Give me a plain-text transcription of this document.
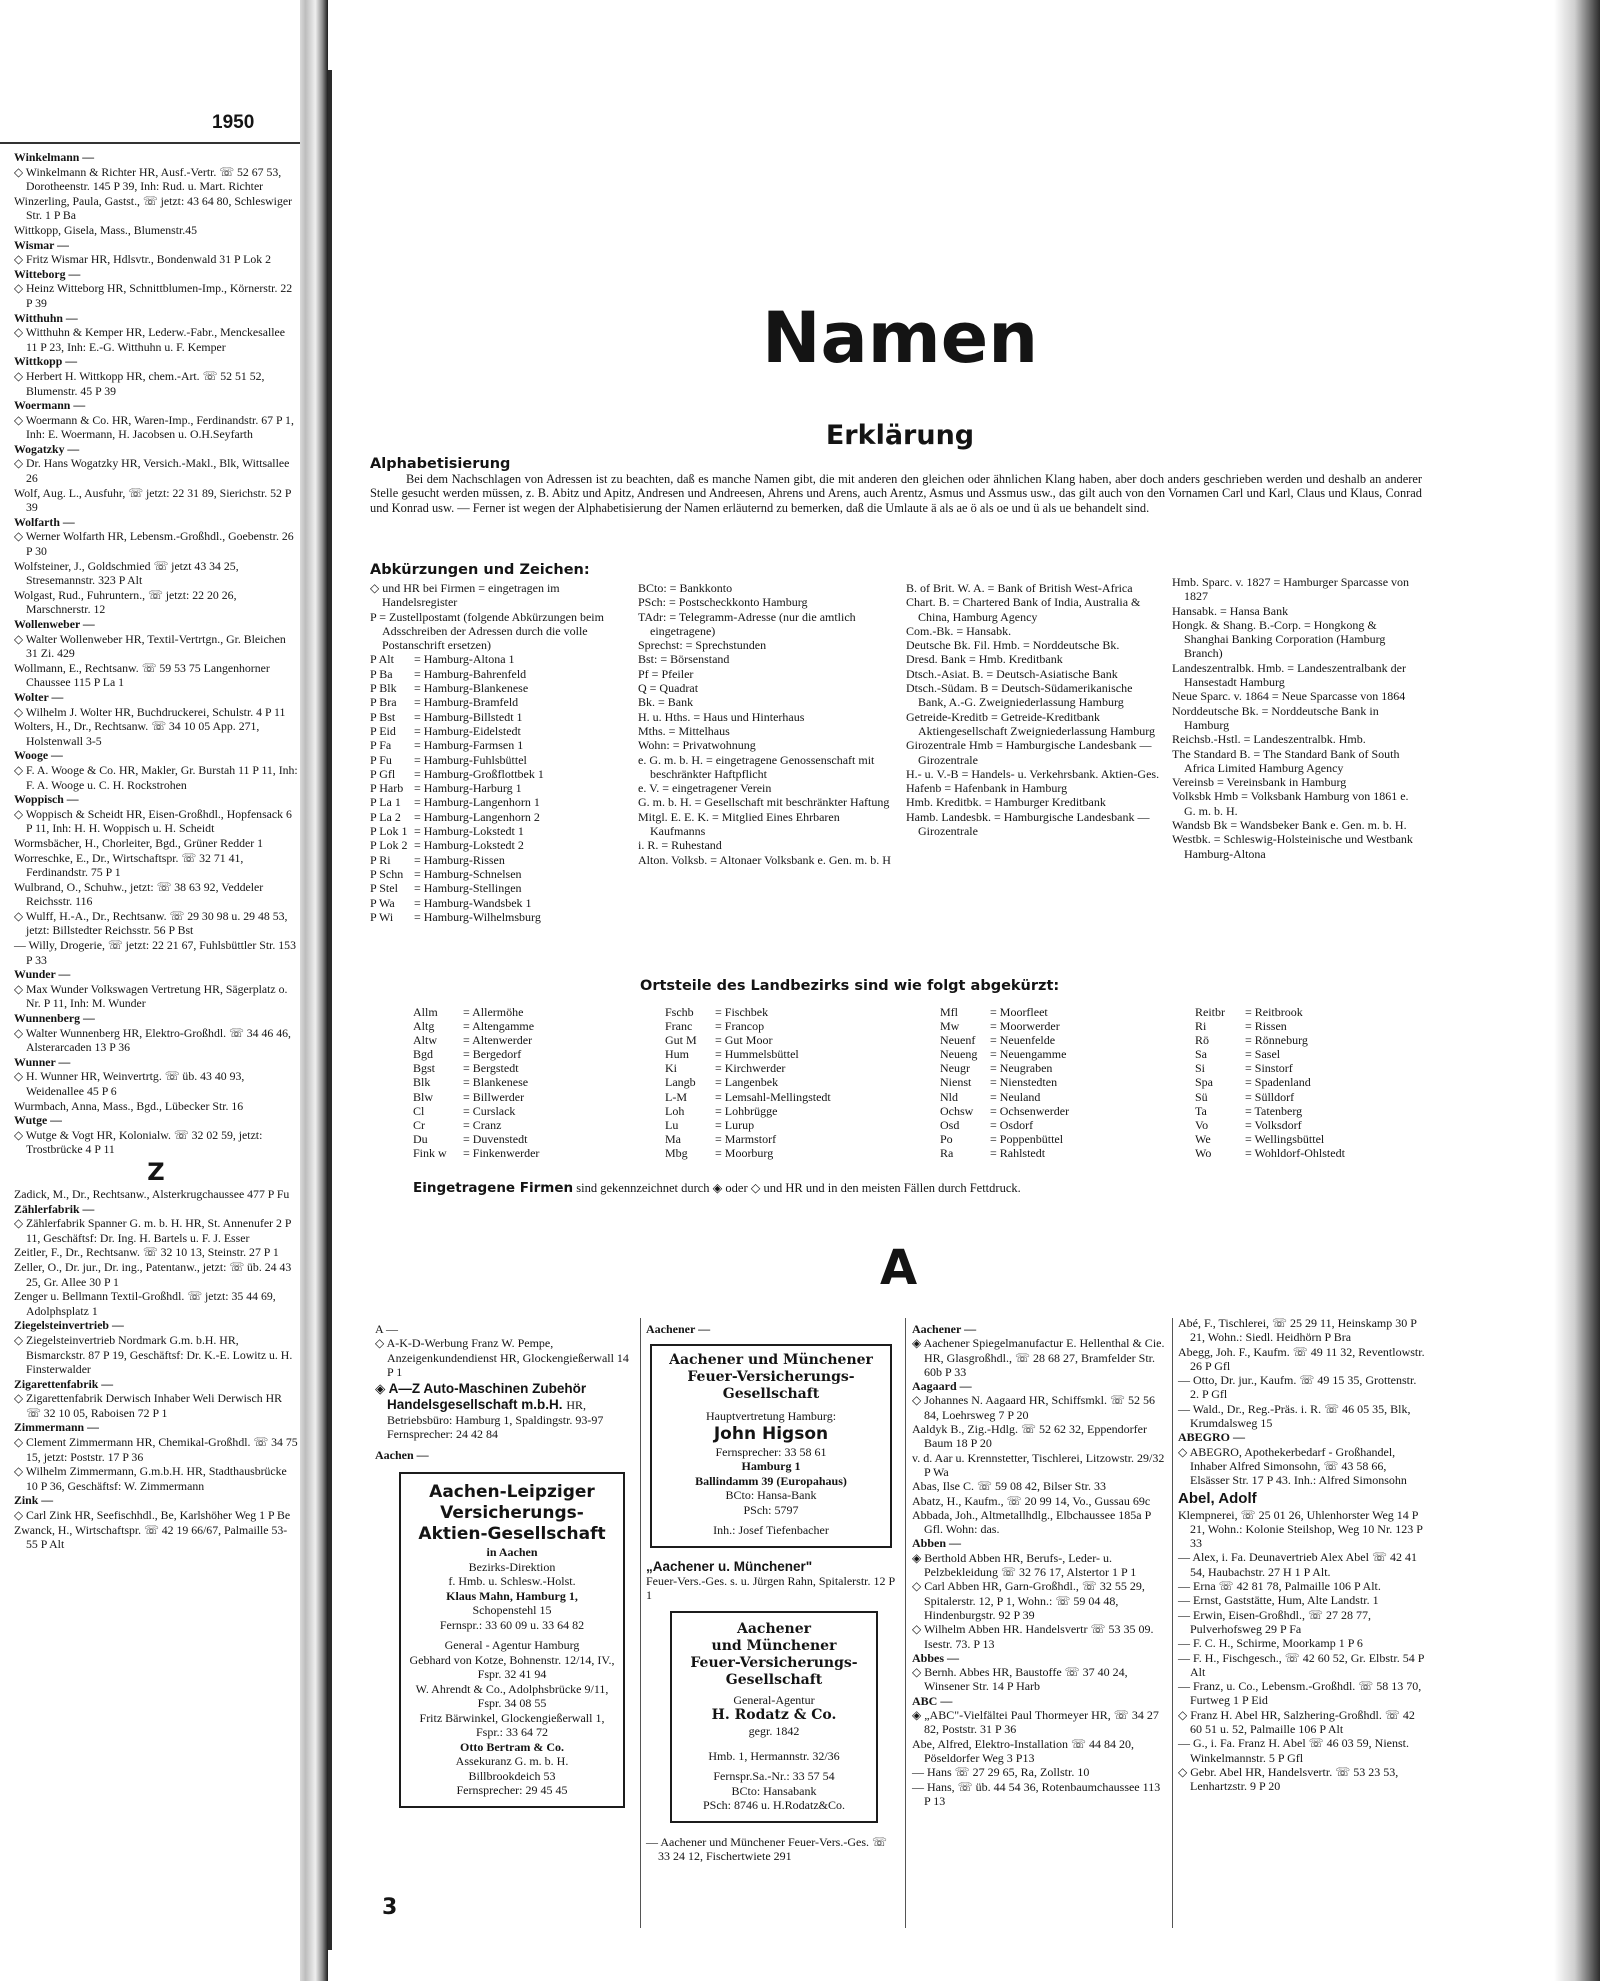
1950
Winkelmann —
◇ Winkelmann & Richter HR, Ausf.-Vertr. ☏ 52 67 53, Dorotheenstr. 145 P 39, Inh: Rud. u. Mart. Richter
Winzerling, Paula, Gastst., ☏ jetzt: 43 64 80, Schleswiger Str. 1 P Ba
Wittkopp, Gisela, Mass., Blumenstr.45
Wismar —
◇ Fritz Wismar HR, Hdlsvtr., Bondenwald 31 P Lok 2
Witteborg —
◇ Heinz Witteborg HR, Schnittblumen-Imp., Körnerstr. 22 P 39
Witthuhn —
◇ Witthuhn & Kemper HR, Lederw.-Fabr., Menckesallee 11 P 23, Inh: E.-G. Witthuhn u. F. Kemper
Wittkopp —
◇ Herbert H. Wittkopp HR, chem.-Art. ☏ 52 51 52, Blumenstr. 45 P 39
Woermann —
◇ Woermann & Co. HR, Waren-Imp., Ferdinandstr. 67 P 1, Inh: E. Woermann, H. Jacobsen u. O.H.Seyfarth
Wogatzky —
◇ Dr. Hans Wogatzky HR, Versich.-Makl., Blk, Wittsallee 26
Wolf, Aug. L., Ausfuhr, ☏ jetzt: 22 31 89, Sierichstr. 52 P 39
Wolfarth —
◇ Werner Wolfarth HR, Lebensm.-Großhdl., Goebenstr. 26 P 30
Wolfsteiner, J., Goldschmied ☏ jetzt 43 34 25, Stresemannstr. 323 P Alt
Wolgast, Rud., Fuhruntern., ☏ jetzt: 22 20 26, Marschnerstr. 12
Wollenweber —
◇ Walter Wollenweber HR, Textil-Vertrtgn., Gr. Bleichen 31 Zi. 429
Wollmann, E., Rechtsanw. ☏ 59 53 75 Langenhorner Chaussee 115 P La 1
Wolter —
◇ Wilhelm J. Wolter HR, Buchdruckerei, Schulstr. 4 P 11
Wolters, H., Dr., Rechtsanw. ☏ 34 10 05 App. 271, Holstenwall 3-5
Wooge —
◇ F. A. Wooge & Co. HR, Makler, Gr. Burstah 11 P 11, Inh: F. A. Wooge u. C. H. Rockstrohen
Woppisch —
◇ Woppisch & Scheidt HR, Eisen-Großhdl., Hopfensack 6 P 11, Inh: H. H. Woppisch u. H. Scheidt
Wormsbächer, H., Chorleiter, Bgd., Grüner Redder 1
Worreschke, E., Dr., Wirtschaftspr. ☏ 32 71 41, Ferdinandstr. 75 P 1
Wulbrand, O., Schuhw., jetzt: ☏ 38 63 92, Veddeler Reichsstr. 116
◇ Wulff, H.-A., Dr., Rechtsanw. ☏ 29 30 98 u. 29 48 53, jetzt: Billstedter Reichsstr. 56 P Bst
— Willy, Drogerie, ☏ jetzt: 22 21 67, Fuhlsbüttler Str. 153 P 33
Wunder —
◇ Max Wunder Volkswagen Vertretung HR, Sägerplatz o. Nr. P 11, Inh: M. Wunder
Wunnenberg —
◇ Walter Wunnenberg HR, Elektro-Großhdl. ☏ 34 46 46, Alsterarcaden 13 P 36
Wunner —
◇ H. Wunner HR, Weinvertrtg. ☏ üb. 43 40 93, Weidenallee 45 P 6
Wurmbach, Anna, Mass., Bgd., Lübecker Str. 16
Wutge —
◇ Wutge & Vogt HR, Kolonialw. ☏ 32 02 59, jetzt: Trostbrücke 4 P 11
Z
Zadick, M., Dr., Rechtsanw., Alsterkrugchaussee 477 P Fu
Zählerfabrik —
◇ Zählerfabrik Spanner G. m. b. H. HR, St. Annenufer 2 P 11, Geschäftsf: Dr. Ing. H. Bartels u. F. J. Esser
Zeitler, F., Dr., Rechtsanw. ☏ 32 10 13, Steinstr. 27 P 1
Zeller, O., Dr. jur., Dr. ing., Patentanw., jetzt: ☏ üb. 24 43 25, Gr. Allee 30 P 1
Zenger u. Bellmann Textil-Großhdl. ☏ jetzt: 35 44 69, Adolphsplatz 1
Ziegelsteinvertrieb —
◇ Ziegelsteinvertrieb Nordmark G.m. b.H. HR, Bismarckstr. 87 P 19, Geschäftsf: Dr. K.-E. Lowitz u. H. Finsterwalder
Zigarettenfabrik —
◇ Zigarettenfabrik Derwisch Inhaber Weli Derwisch HR ☏ 32 10 05, Raboisen 72 P 1
Zimmermann —
◇ Clement Zimmermann HR, Chemikal-Großhdl. ☏ 34 75 15, jetzt: Poststr. 17 P 36
◇ Wilhelm Zimmermann, G.m.b.H. HR, Stadthausbrücke 10 P 36, Geschäftsf: W. Zimmermann
Zink —
◇ Carl Zink HR, Seefischhdl., Be, Karlshöher Weg 1 P Be
Zwanck, H., Wirtschaftspr. ☏ 42 19 66/67, Palmaille 53-55 P Alt
Namen
Erklärung
Alphabetisierung
Bei dem Nachschlagen von Adressen ist zu beachten, daß es manche Namen gibt, die mit anderen den gleichen oder ähnlichen Klang haben, aber doch anders geschrieben werden und deshalb an anderer Stelle gesucht werden müssen, z. B. Abitz und Apitz, Andresen und Andreesen, Ahrens und Arens, auch Arentz, Asmus und Assmus usw., das gilt auch von den Vornamen Carl und Karl, Claus und Klaus, Conrad und Konrad usw. — Ferner ist wegen der Alphabetisierung der Namen erläuternd zu bemerken, daß die Umlaute ä als ae ö als oe und ü als ue behandelt sind.
Abkürzungen und Zeichen:
◇ und HR bei Firmen = eingetragen im Handelsregister
P = Zustellpostamt (folgende Abkürzungen beim Adsschreiben der Adressen durch die volle Postanschrift ersetzen)
P Alt	= Hamburg-Altona 1
P Ba	= Hamburg-Bahrenfeld
P Blk	= Hamburg-Blankenese
P Bra	= Hamburg-Bramfeld
P Bst	= Hamburg-Billstedt 1
P Eid	= Hamburg-Eidelstedt
P Fa	= Hamburg-Farmsen 1
P Fu	= Hamburg-Fuhlsbüttel
P Gfl	= Hamburg-Großflottbek 1
P Harb = Hamburg-Harburg 1
P La 1	= Hamburg-Langenhorn 1
P La 2	= Hamburg-Langenhorn 2
P Lok 1 = Hamburg-Lokstedt 1
P Lok 2 = Hamburg-Lokstedt 2
P Ri	= Hamburg-Rissen
P Schn = Hamburg-Schnelsen
P Stel	= Hamburg-Stellingen
P Wa	= Hamburg-Wandsbek 1
P Wi	= Hamburg-Wilhelmsburg
BCto: = Bankkonto
PSch: = Postscheckkonto Hamburg
TAdr: = Telegramm-Adresse (nur die amtlich eingetragene)
Sprechst: = Sprechstunden
Bst: = Börsenstand
Pf = Pfeiler
Q = Quadrat
Bk. = Bank
H. u. Hths. = Haus und Hinterhaus
Mths. = Mittelhaus
Wohn: = Privatwohnung
e. G. m. b. H. = eingetragene Genossenschaft mit beschränkter Haftpflicht
e. V. = eingetragener Verein
G. m. b. H. = Gesellschaft mit beschränkter Haftung
Mitgl. E. E. K. = Mitglied Eines Ehrbaren Kaufmanns
i. R. = Ruhestand
Alton. Volksb. = Altonaer Volksbank e. Gen. m. b. H
B. of Brit. W. A. = Bank of British West-Africa
Chart. B. = Chartered Bank of India, Australia & China, Hamburg Agency
Com.-Bk. = Hansabk.
Deutsche Bk. Fil. Hmb. = Norddeutsche Bk.
Dresd. Bank = Hmb. Kreditbank
Dtsch.-Asiat. B. = Deutsch-Asiatische Bank
Dtsch.-Südam. B = Deutsch-Südamerikanische Bank, A.-G. Zweigniederlassung Hamburg
Getreide-Kreditb = Getreide-Kreditbank Aktiengesellschaft Zweigniederlassung Hamburg
Girozentrale Hmb = Hamburgische Landesbank — Girozentrale
H.- u. V.-B = Handels- u. Verkehrsbank. Aktien-Ges.
Hafenb = Hafenbank in Hamburg
Hmb. Kreditbk. = Hamburger Kreditbank
Hamb. Landesbk. = Hamburgische Landesbank — Girozentrale
Hmb. Sparc. v. 1827 = Hamburger Sparcasse von 1827
Hansabk. = Hansa Bank
Hongk. & Shang. B.-Corp. = Hongkong & Shanghai Banking Corporation (Hamburg Branch)
Landeszentralbk. Hmb. = Landeszentralbank der Hansestadt Hamburg
Neue Sparc. v. 1864 = Neue Sparcasse von 1864
Norddeutsche Bk. = Norddeutsche Bank in Hamburg
Reichsb.-Hstl. = Landeszentralbk. Hmb.
The Standard B. = The Standard Bank of South Africa Limited Hamburg Agency
Vereinsb = Vereinsbank in Hamburg
Volksbk Hmb = Volksbank Hamburg von 1861 e. G. m. b. H.
Wandsb Bk = Wandsbeker Bank e. Gen. m. b. H.
Westbk. = Schleswig-Holsteinische und Westbank Hamburg-Altona
Ortsteile des Landbezirks sind wie folgt abgekürzt:
Allm	= Allermöhe
Altg	= Altengamme
Altw	= Altenwerder
Bgd	= Bergedorf
Bgst	= Bergstedt
Blk	= Blankenese
Blw	= Billwerder
Cl	= Curslack
Cr	= Cranz
Du	= Duvenstedt
Fink w	= Finkenwerder
Fschb	= Fischbek
Franc	= Francop
Gut M	= Gut Moor
Hum	= Hummelsbüttel
Ki	= Kirchwerder
Langb	= Langenbek
L-M	= Lemsahl-Mellingstedt
Loh	= Lohbrügge
Lu	= Lurup
Ma	= Marmstorf
Mbg	= Moorburg
Mfl	= Moorfleet
Mw	= Moorwerder
Neuenf	= Neuenfelde
Neueng	= Neuengamme
Neugr	= Neugraben
Nienst	= Nienstedten
Nld	= Neuland
Ochsw	= Ochsenwerder
Osd	= Osdorf
Po	= Poppenbüttel
Ra	= Rahlstedt
Reitbr	= Reitbrook
Ri	= Rissen
Rö	= Rönneburg
Sa	= Sasel
Si	= Sinstorf
Spa	= Spadenland
Sü	= Sülldorf
Ta	= Tatenberg
Vo	= Volksdorf
We	= Wellingsbüttel
Wo	= Wohldorf-Ohlstedt
Eingetragene Firmen sind gekennzeichnet durch ◈ oder ◇ und HR und in den meisten Fällen durch Fettdruck.
A
A —
◇ A-K-D-Werbung Franz W. Pempe, Anzeigenkundendienst HR, Glockengießerwall 14 P 1
◈ A—Z Auto-Maschinen Zubehör Handelsgesellschaft m.b.H. HR,
Betriebsbüro: Hamburg 1, Spaldingstr. 93-97 Fernsprecher: 24 42 84
Aachen —
Aachen-Leipziger
Versicherungs-
Aktien-Gesellschaft
in Aachen
Bezirks-Direktion
f. Hmb. u. Schlesw.-Holst.
Klaus Mahn, Hamburg 1,
Schopenstehl 15
Fernspr.: 33 60 09 u. 33 64 82
General - Agentur Hamburg
Gebhard von Kotze, Bohnenstr. 12/14, IV., Fspr. 32 41 94
W. Ahrendt & Co., Adolphsbrücke 9/11, Fspr. 34 08 55
Fritz Bärwinkel, Glockengießerwall 1, Fspr.: 33 64 72
Otto Bertram & Co.
Assekuranz G. m. b. H.
Billbrookdeich 53
Fernsprecher: 29 45 45
Aachener —
Aachener und Münchener
Feuer-Versicherungs-
Gesellschaft
Hauptvertretung Hamburg:
John Higson
Fernsprecher: 33 58 61
Hamburg 1
Ballindamm 39 (Europahaus)
BCto: Hansa-Bank
PSch: 5797
Inh.: Josef Tiefenbacher
„Aachener u. Münchener"
Feuer-Vers.-Ges. s. u. Jürgen Rahn, Spitalerstr. 12 P 1
Aachener
und Münchener
Feuer-Versicherungs-
Gesellschaft
General-Agentur
H. Rodatz & Co.
gegr. 1842
Hmb. 1, Hermannstr. 32/36
Fernspr.Sa.-Nr.: 33 57 54
BCto: Hansabank
PSch: 8746 u. H.Rodatz&Co.
— Aachener und Münchener Feuer-Vers.-Ges. ☏ 33 24 12, Fischertwiete 291
Aachener —
◈ Aachener Spiegelmanufactur E. Hellenthal & Cie. HR, Glasgroßhdl., ☏ 28 68 27, Bramfelder Str. 60b P 33
Aagaard —
◇ Johannes N. Aagaard HR, Schiffsmkl. ☏ 52 56 84, Loehrsweg 7 P 20
Aaldyk B., Zig.-Hdlg. ☏ 52 62 32, Eppendorfer Baum 18 P 20
v. d. Aar u. Krennstetter, Tischlerei, Litzowstr. 29/32 P Wa
Abas, Ilse C. ☏ 59 08 42, Bilser Str. 33
Abatz, H., Kaufm., ☏ 20 99 14, Vo., Gussau 69c
Abbada, Joh., Altmetallhdlg., Elbchaussee 185a P Gfl. Wohn: das.
Abben —
◈ Berthold Abben HR, Berufs-, Leder- u. Pelzbekleidung ☏ 32 76 17, Alstertor 1 P 1
◇ Carl Abben HR, Garn-Großhdl., ☏ 32 55 29, Spitalerstr. 12, P 1, Wohn.: ☏ 59 04 48, Hindenburgstr. 92 P 39
◇ Wilhelm Abben HR. Handelsvertr ☏ 53 35 09. Isestr. 73. P 13
Abbes —
◇ Bernh. Abbes HR, Baustoffe ☏ 37 40 24, Winsener Str. 14 P Harb
ABC —
◈ „ABC"-Vielfältei Paul Thormeyer HR, ☏ 34 27 82, Poststr. 31 P 36
Abe, Alfred, Elektro-Installation ☏ 44 84 20, Pöseldorfer Weg 3 P13
— Hans ☏ 27 29 65, Ra, Zollstr. 10
— Hans, ☏ üb. 44 54 36, Rotenbaumchaussee 113 P 13
Abé, F., Tischlerei, ☏ 25 29 11, Heinskamp 30 P 21, Wohn.: Siedl. Heidhörn P Bra
Abegg, Joh. F., Kaufm. ☏ 49 11 32, Reventlowstr. 26 P Gfl
— Otto, Dr. jur., Kaufm. ☏ 49 15 35, Grottenstr. 2. P Gfl
— Wald., Dr., Reg.-Präs. i. R. ☏ 46 05 35, Blk, Krumdalsweg 15
ABEGRO —
◇ ABEGRO, Apothekerbedarf - Großhandel, Inhaber Alfred Simonsohn, ☏ 43 58 66, Elsässer Str. 17 P 43. Inh.: Alfred Simonsohn
Abel, Adolf
Klempnerei, ☏ 25 01 26, Uhlenhorster Weg 14 P 21, Wohn.: Kolonie Steilshop, Weg 10 Nr. 123 P 33
— Alex, i. Fa. Deunavertrieb Alex Abel ☏ 42 41 54, Haubachstr. 27 H 1 P Alt.
— Erna ☏ 42 81 78, Palmaille 106 P Alt.
— Ernst, Gaststätte, Hum, Alte Landstr. 1
— Erwin, Eisen-Großhdl., ☏ 27 28 77, Pulverhofsweg 29 P Fa
— F. C. H., Schirme, Moorkamp 1 P 6
— F. H., Fischgesch., ☏ 42 60 52, Gr. Elbstr. 54 P Alt
— Franz, u. Co., Lebensm.-Großhdl. ☏ 58 13 70, Furtweg 1 P Eid
◇ Franz H. Abel HR, Salzhering-Großhdl. ☏ 42 60 51 u. 52, Palmaille 106 P Alt
— G., i. Fa. Franz H. Abel ☏ 46 03 59, Nienst. Winkelmannstr. 5 P Gfl
◇ Gebr. Abel HR, Handelsvertr. ☏ 53 23 53, Lenhartzstr. 9 P 20
3
